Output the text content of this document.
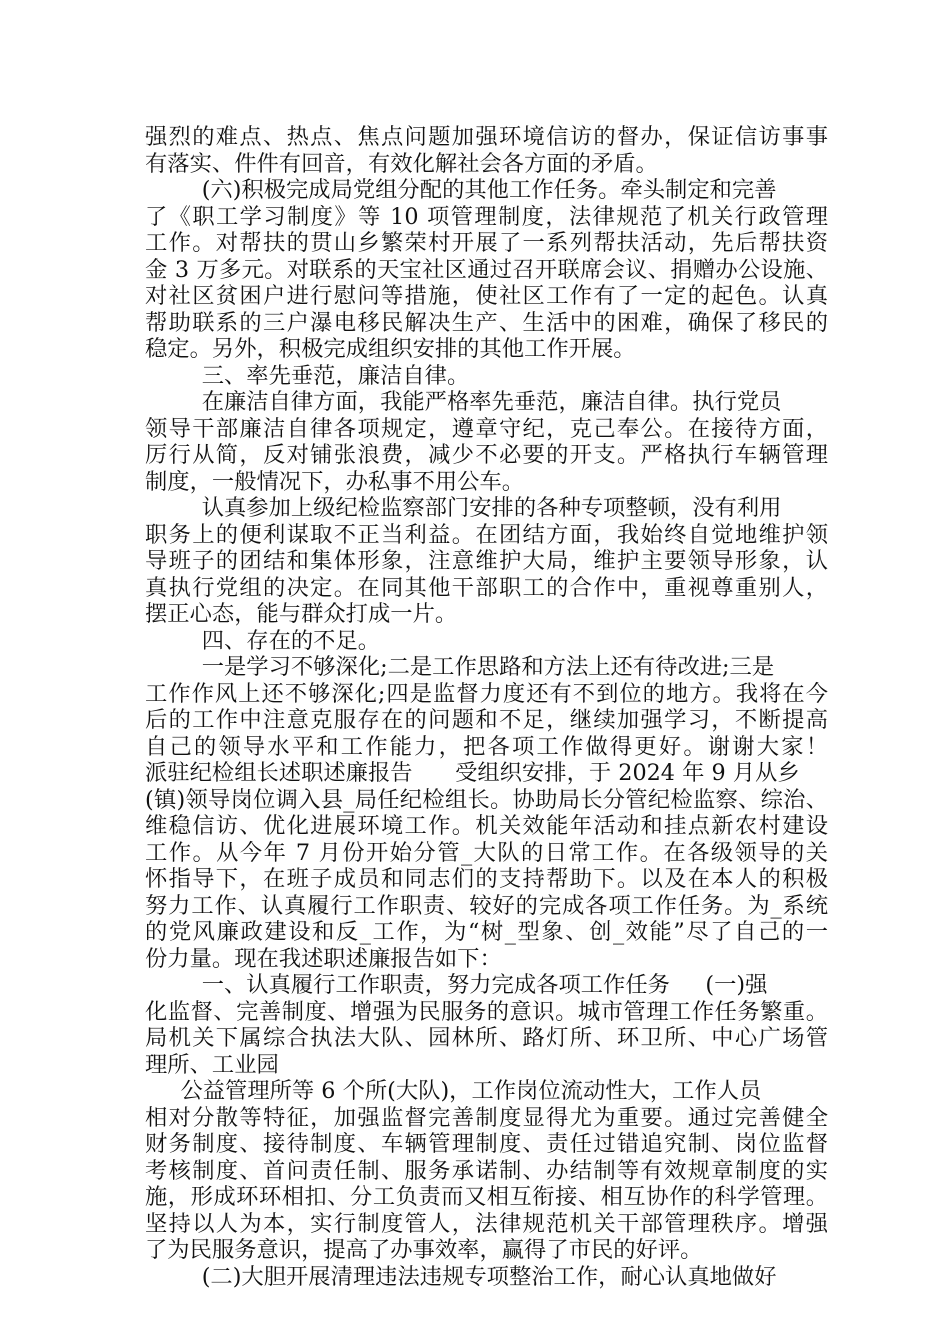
强烈的难点、热点、焦点问题加强环境信访的督办，保证信访事事
有落实、件件有回音，有效化解社会各方面的矛盾。
(六)积极完成局党组分配的其他工作任务。牵头制定和完善
了《职工学习制度》等 10 项管理制度，法律规范了机关行政管理
工作。对帮扶的贯山乡繁荣村开展了一系列帮扶活动，先后帮扶资
金 3 万多元。对联系的天宝社区通过召开联席会议、捐赠办公设施、
对社区贫困户进行慰问等措施，使社区工作有了一定的起色。认真
帮助联系的三户瀑电移民解决生产、生活中的困难，确保了移民的
稳定。另外，积极完成组织安排的其他工作开展。
三、率先垂范，廉洁自律。
在廉洁自律方面，我能严格率先垂范，廉洁自律。执行党员
领导干部廉洁自律各项规定，遵章守纪，克己奉公。在接待方面，
厉行从简，反对铺张浪费，减少不必要的开支。严格执行车辆管理
制度，一般情况下，办私事不用公车。
认真参加上级纪检监察部门安排的各种专项整顿，没有利用
职务上的便利谋取不正当利益。在团结方面，我始终自觉地维护领
导班子的团结和集体形象，注意维护大局，维护主要领导形象，认
真执行党组的决定。在同其他干部职工的合作中，重视尊重别人，
摆正心态，能与群众打成一片。
四、存在的不足。
一是学习不够深化;二是工作思路和方法上还有待改进;三是
工作作风上还不够深化;四是监督力度还有不到位的地方。我将在今
后的工作中注意克服存在的问题和不足，继续加强学习，不断提高
自己的领导水平和工作能力，把各项工作做得更好。谢谢大家！
派驻纪检组长述职述廉报告      受组织安排，于 2024 年 9 月从乡
(镇)领导岗位调入县_局任纪检组长。协助局长分管纪检监察、综治、
维稳信访、优化进展环境工作。机关效能年活动和挂点新农村建设
工作。从今年 7 月份开始分管_大队的日常工作。在各级领导的关
怀指导下，在班子成员和同志们的支持帮助下。以及在本人的积极
努力工作、认真履行工作职责、较好的完成各项工作任务。为_系统
的党风廉政建设和反_工作，为“树_型象、创_效能”尽了自己的一
份力量。现在我述职述廉报告如下：
一、认真履行工作职责，努力完成各项工作任务     (一)强
化监督、完善制度、增强为民服务的意识。城市管理工作任务繁重。
局机关下属综合执法大队、园林所、路灯所、环卫所、中心广场管
理所、工业园
公益管理所等 6 个所(大队)，工作岗位流动性大，工作人员
相对分散等特征，加强监督完善制度显得尤为重要。通过完善健全
财务制度、接待制度、车辆管理制度、责任过错追究制、岗位监督
考核制度、首问责任制、服务承诺制、办结制等有效规章制度的实
施，形成环环相扣、分工负责而又相互衔接、相互协作的科学管理。
坚持以人为本，实行制度管人，法律规范机关干部管理秩序。增强
了为民服务意识，提高了办事效率，赢得了市民的好评。
(二)大胆开展清理违法违规专项整治工作，耐心认真地做好
